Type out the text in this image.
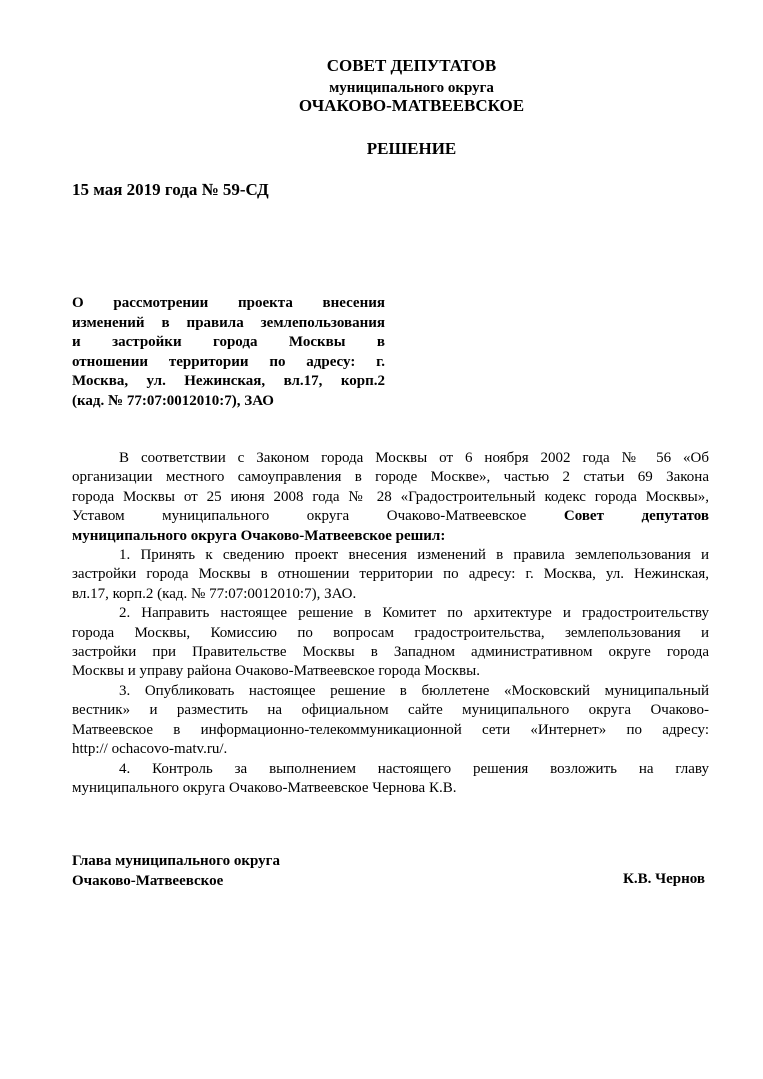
СОВЕТ ДЕПУТАТОВ

муниципального округа

ОЧАКОВО-МАТВЕЕВСКОЕ

РЕШЕНИЕ

15 мая 2019 года № 59-СД

О рассмотрении проекта внесения
изменений в правила землепользования
и застройки города Москвы в
отношении территории по адресу: г.
Москва, ул. Нежинская, вл.17, корп.2
(кад. № 77:07:0012010:7), ЗАО
В соответствии с Законом города Москвы от 6 ноября 2002 года № 56 «Об
организации местного самоуправления в городе Москве», частью 2 статьи 69 Закона
города Москвы от 25 июня 2008 года № 28 «Градостроительный кодекс города Москвы»,
Уставом муниципального округа Очаково-Матвеевское	Совет депутатов
муниципального округа Очаково-Матвеевское решил:
1. Принять к сведению проект внесения изменений в правила землепользования и
застройки города Москвы в отношении территории по адресу: г. Москва, ул. Нежинская,
вл.17, корп.2 (кад. № 77:07:0012010:7), ЗАО.
2. Направить настоящее решение в Комитет по архитектуре и градостроительству
города Москвы, Комиссию по вопросам градостроительства, землепользования и
застройки при Правительстве Москвы в Западном административном округе города
Москвы и управу района Очаково-Матвеевское города Москвы.
3. Опубликовать настоящее решение в бюллетене «Московский муниципальный
вестник» и разместить на официальном сайте муниципального округа Очаково-
Матвеевское в информационно-телекоммуникационной сети «Интернет» по адресу:
http:// ochacovo-matv.ru/.
4. Контроль за выполнением настоящего решения возложить на главу
муниципального округа Очаково-Матвеевское Чернова К.В.
Глава муниципального округа
Очаково-Матвеевское	К.В. Чернов
